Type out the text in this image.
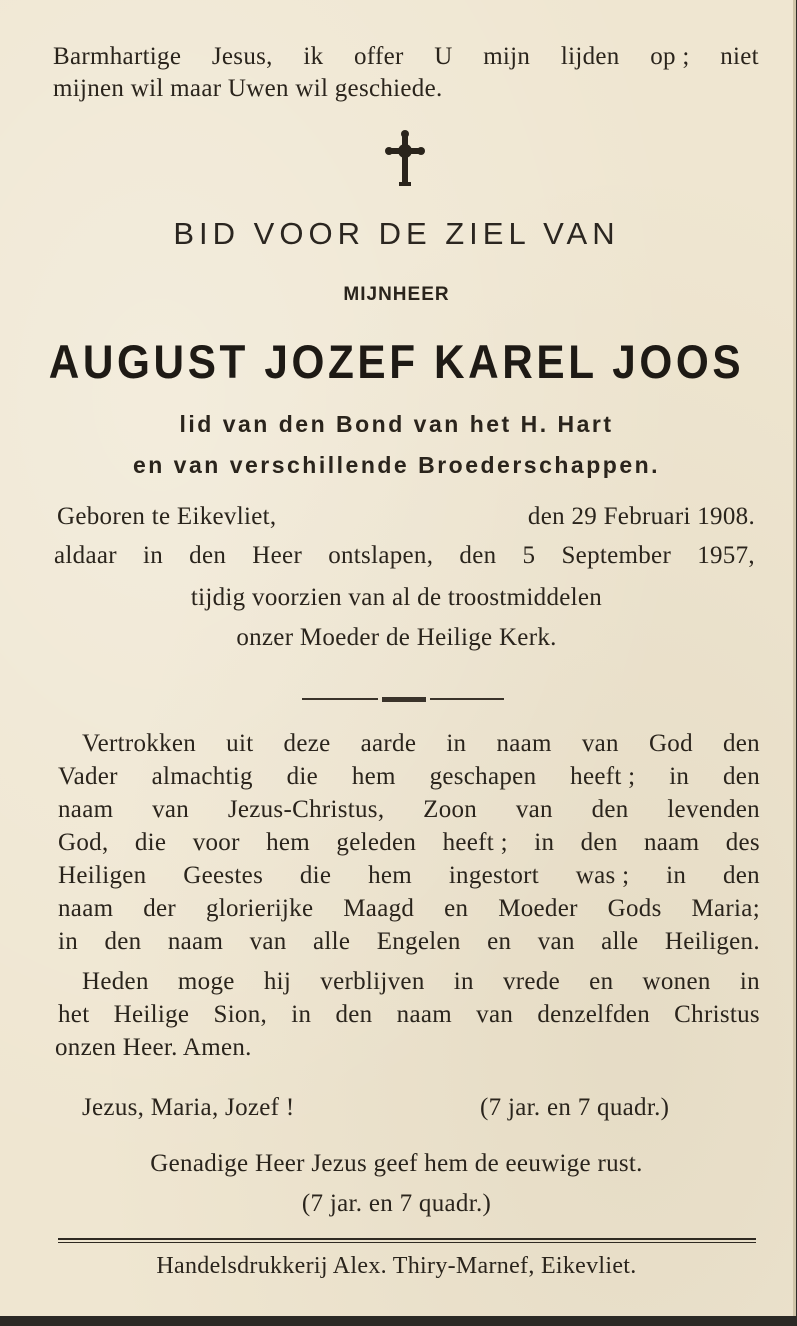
Barmhartige Jesus, ik offer U mijn lijden op ; niet
mijnen wil maar Uwen wil geschiede.
BID VOOR DE ZIEL VAN
MIJNHEER
AUGUST JOZEF KAREL JOOS
lid van den Bond van het H. Hart
en van verschillende Broederschappen.
Geboren te Eikevliet,	den 29 Februari 1908.
aldaar in den Heer ontslapen, den 5 September 1957,
tijdig voorzien van al de troostmiddelen
onzer Moeder de Heilige Kerk.
Vertrokken uit deze aarde in naam van God den
Vader almachtig die hem geschapen heeft ; in den
naam van Jezus-Christus, Zoon van den levenden
God, die voor hem geleden heeft ; in den naam des
Heiligen Geestes die hem ingestort was ; in den
naam der glorierijke Maagd en Moeder Gods Maria;
in den naam van alle Engelen en van alle Heiligen.
Heden moge hij verblijven in vrede en wonen in
het Heilige Sion, in den naam van denzelfden Christus
onzen Heer. Amen.
Jezus, Maria, Jozef !	(7 jar. en 7 quadr.)
Genadige Heer Jezus geef hem de eeuwige rust.
(7 jar. en 7 quadr.)
Handelsdrukkerij Alex. Thiry-Marnef, Eikevliet.
